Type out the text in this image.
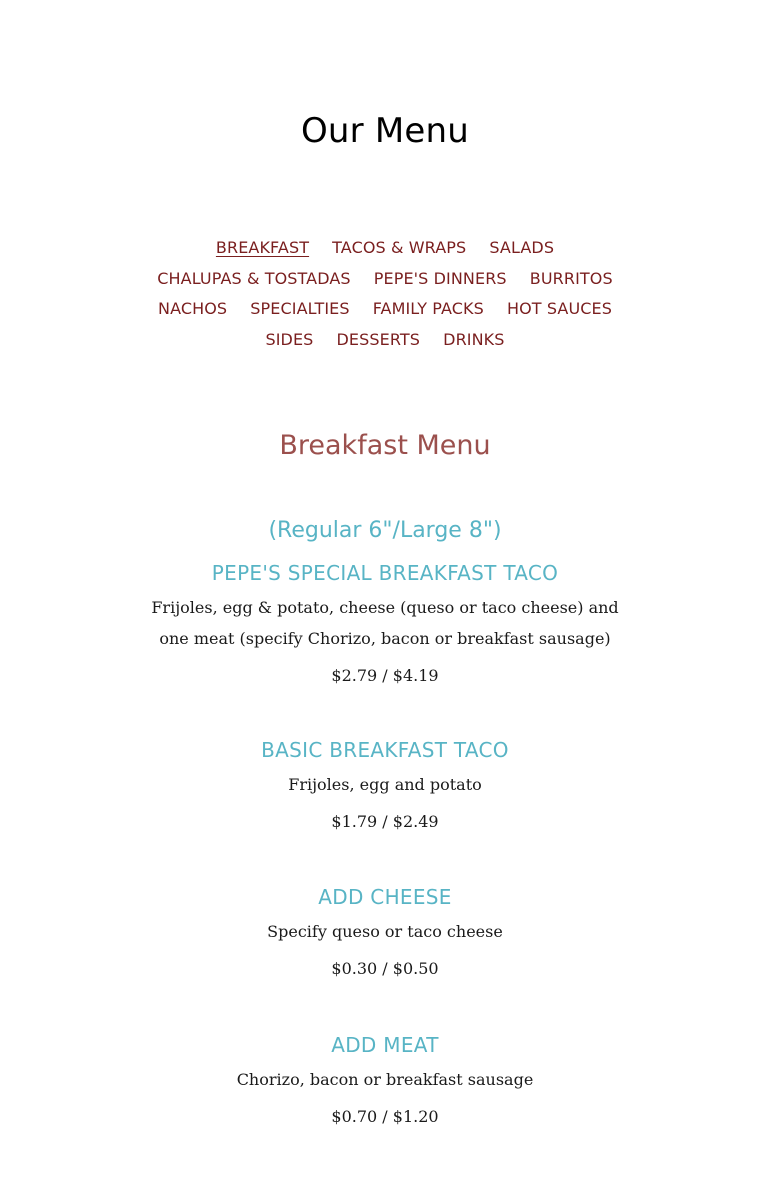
Our Menu
BREAKFAST TACOS & WRAPS SALADS
CHALUPAS & TOSTADAS PEPE'S DINNERS BURRITOS
NACHOS SPECIALTIES FAMILY PACKS HOT SAUCES
SIDES DESSERTS DRINKS
Breakfast Menu
(Regular 6"/Large 8")
PEPE'S SPECIAL BREAKFAST TACO
Frijoles, egg & potato, cheese (queso or taco cheese) and one meat (specify Chorizo, bacon or breakfast sausage)
$2.79 / $4.19
BASIC BREAKFAST TACO
Frijoles, egg and potato
$1.79 / $2.49
ADD CHEESE
Specify queso or taco cheese
$0.30 / $0.50
ADD MEAT
Chorizo, bacon or breakfast sausage
$0.70 / $1.20
